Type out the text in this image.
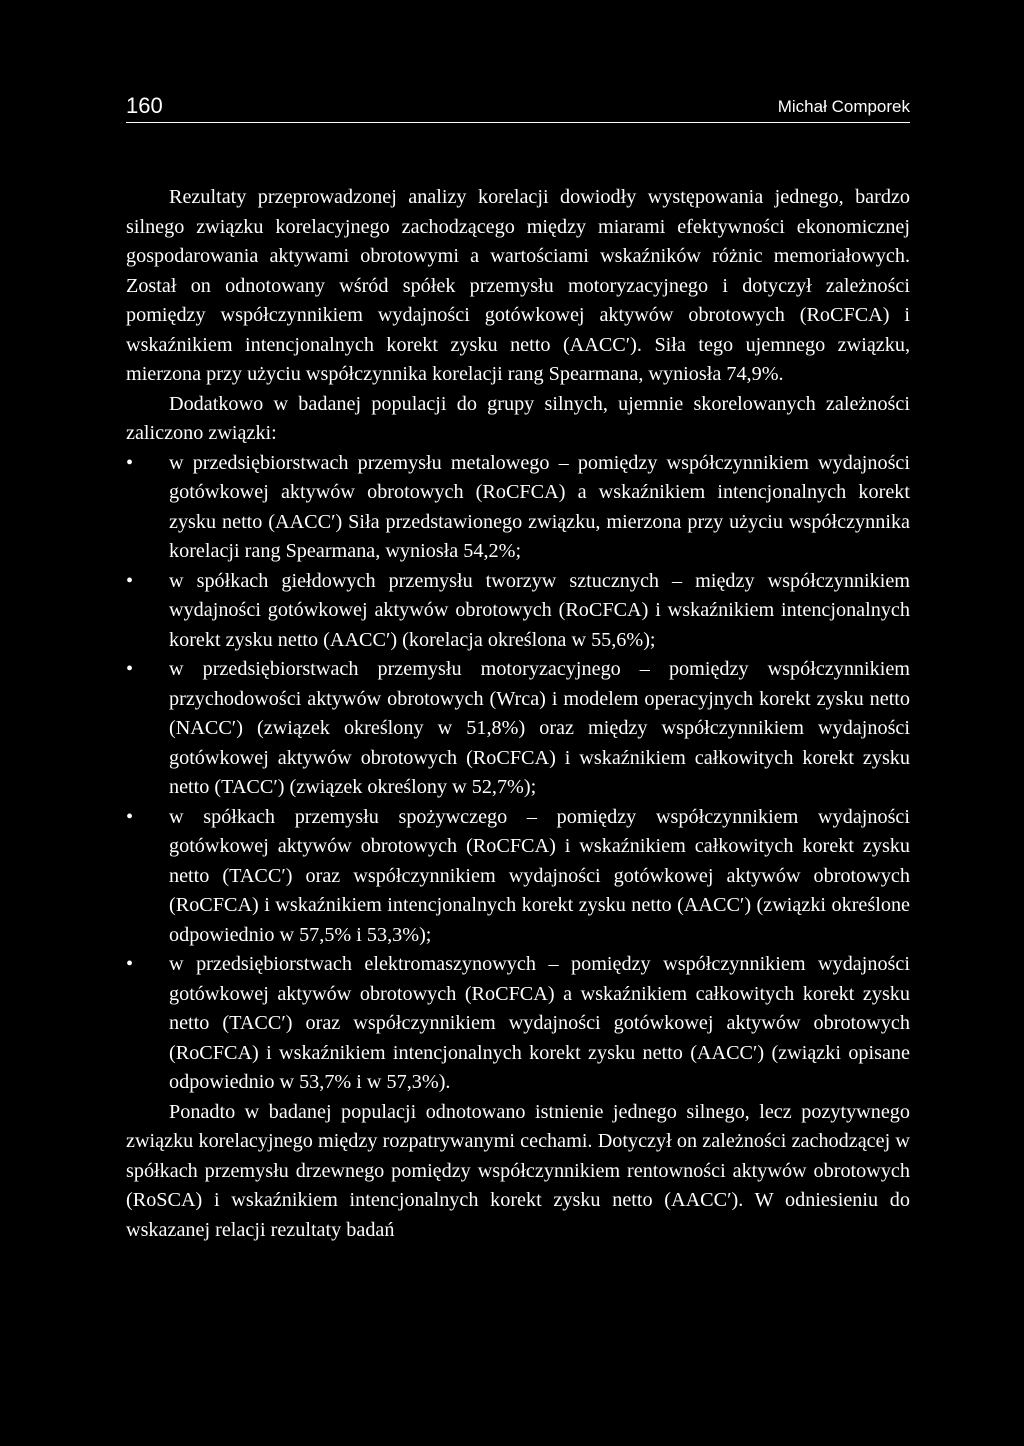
160	Michał Comporek

Rezultaty przeprowadzonej analizy korelacji dowiodły występowania jednego, bardzo silnego związku korelacyjnego zachodzącego między miarami efektywności ekonomicznej gospodarowania aktywami obrotowymi a wartościami wskaźników różnic memoriałowych. Został on odnotowany wśród spółek przemysłu motoryzacyjnego i dotyczył zależności pomiędzy współczynnikiem wydajności gotówkowej aktywów obrotowych (RoCFCA) i wskaźnikiem intencjonalnych korekt zysku netto (AACC′). Siła tego ujemnego związku, mierzona przy użyciu współczynnika korelacji rang Spearmana, wyniosła 74,9%.

Dodatkowo w badanej populacji do grupy silnych, ujemnie skorelowanych zależności zaliczono związki:

•	w przedsiębiorstwach przemysłu metalowego – pomiędzy współczynnikiem wydajności gotówkowej aktywów obrotowych (RoCFCA) a wskaźnikiem intencjonalnych korekt zysku netto (AACC′) Siła przedstawionego związku, mierzona przy użyciu współczynnika korelacji rang Spearmana, wyniosła 54,2%;
•	w spółkach giełdowych przemysłu tworzyw sztucznych – między współczynnikiem wydajności gotówkowej aktywów obrotowych (RoCFCA) i wskaźnikiem intencjonalnych korekt zysku netto (AACC′) (korelacja określona w 55,6%);
•	w przedsiębiorstwach przemysłu motoryzacyjnego – pomiędzy współczynnikiem przychodowości aktywów obrotowych (Wrca) i modelem operacyjnych korekt zysku netto (NACC′) (związek określony w 51,8%) oraz między współczynnikiem wydajności gotówkowej aktywów obrotowych (RoCFCA) i wskaźnikiem całkowitych korekt zysku netto (TACC′) (związek określony w 52,7%);
•	w spółkach przemysłu spożywczego – pomiędzy współczynnikiem wydajności gotówkowej aktywów obrotowych (RoCFCA) i wskaźnikiem całkowitych korekt zysku netto (TACC′) oraz współczynnikiem wydajności gotówkowej aktywów obrotowych (RoCFCA) i wskaźnikiem intencjonalnych korekt zysku netto (AACC′) (związki określone odpowiednio w 57,5% i 53,3%);
•	w przedsiębiorstwach elektromaszynowych – pomiędzy współczynnikiem wydajności gotówkowej aktywów obrotowych (RoCFCA) a wskaźnikiem całkowitych korekt zysku netto (TACC′) oraz współczynnikiem wydajności gotówkowej aktywów obrotowych (RoCFCA) i wskaźnikiem intencjonalnych korekt zysku netto (AACC′) (związki opisane odpowiednio w 53,7% i w 57,3%).

Ponadto w badanej populacji odnotowano istnienie jednego silnego, lecz pozytywnego związku korelacyjnego między rozpatrywanymi cechami. Dotyczył on zależności zachodzącej w spółkach przemysłu drzewnego pomiędzy współczynnikiem rentowności aktywów obrotowych (RoSCA) i wskaźnikiem intencjonalnych korekt zysku netto (AACC′). W odniesieniu do wskazanej relacji rezultaty badań
